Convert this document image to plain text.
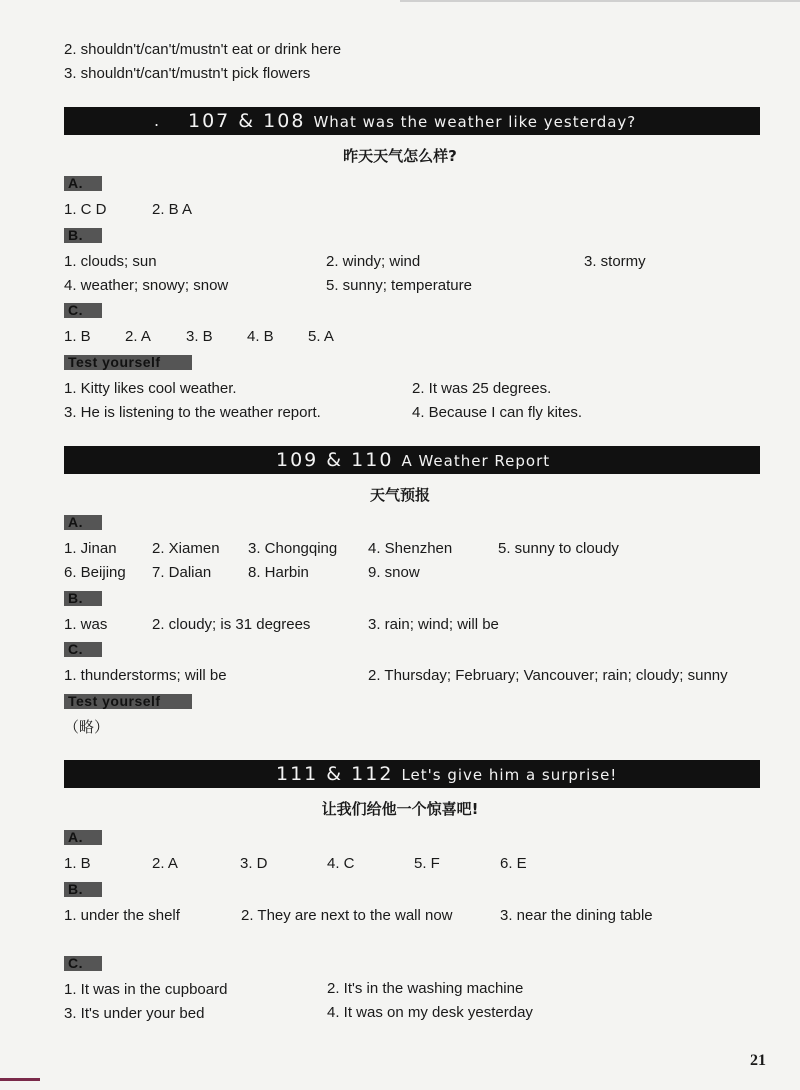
2. shouldn't/can't/mustn't eat or drink here
3. shouldn't/can't/mustn't pick flowers
. 107 & 108 What was the weather like yesterday?
昨天天气怎么样?
A.
1. C D	2. B A
B.
1. clouds; sun	2. windy; wind	3. stormy
4. weather; snowy; snow	5. sunny; temperature
C.
1. B 2. A 3. B 4. B 5. A
Test yourself
1. Kitty likes cool weather.	2. It was 25 degrees.
3. He is listening to the weather report.	4. Because I can fly kites.
109 & 110 A Weather Report
天气预报
A.
1. Jinan 2. Xiamen 3. Chongqing 4. Shenzhen	5. sunny to cloudy
6. Beijing 7. Dalian 8. Harbin	9. snow
B.
1. was	2. cloudy; is 31 degrees	3. rain; wind; will be
C.
1. thunderstorms; will be	2. Thursday; February; Vancouver; rain; cloudy; sunny
Test yourself
（略）
111 & 112 Let's give him a surprise!
让我们给他一个惊喜吧!
A.
1. B	2. A	3. D	4. C	5. F	6. E
B.
1. under the shelf	2. They are next to the wall now	3. near the dining table
C.
1. It was in the cupboard	2. It's in the washing machine
3. It's under your bed	4. It was on my desk yesterday
21
